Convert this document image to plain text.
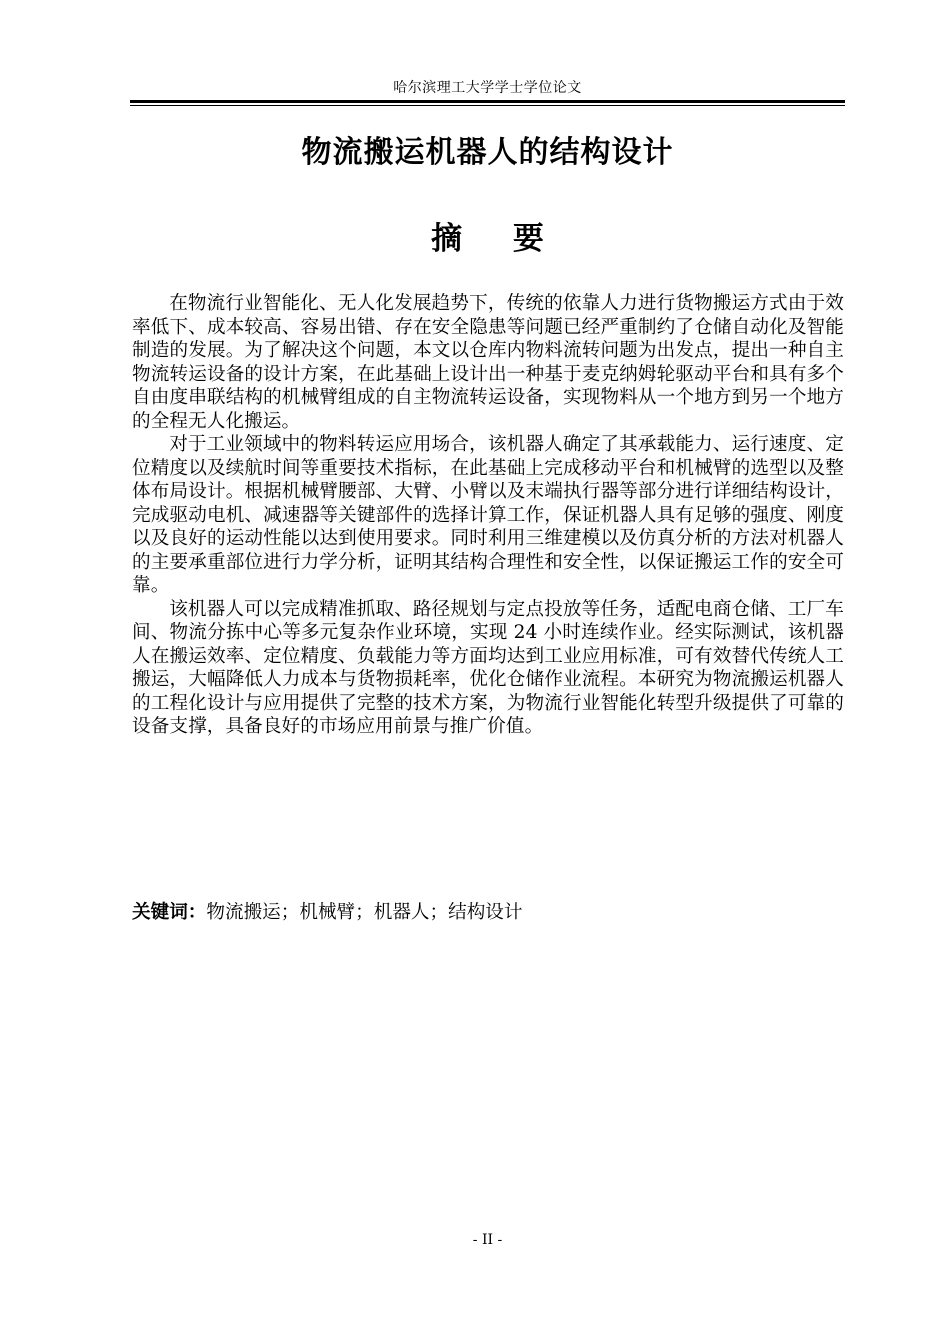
哈尔滨理工大学学士学位论文
物流搬运机器人的结构设计
摘 要

在物流行业智能化、无人化发展趋势下，传统的依靠人力进行货物搬运方式由于效率低下、成本较高、容易出错、存在安全隐患等问题已经严重制约了仓储自动化及智能制造的发展。为了解决这个问题，本文以仓库内物料流转问题为出发点，提出一种自主物流转运设备的设计方案，在此基础上设计出一种基于麦克纳姆轮驱动平台和具有多个自由度串联结构的机械臂组成的自主物流转运设备，实现物料从一个地方到另一个地方的全程无人化搬运。

对于工业领域中的物料转运应用场合，该机器人确定了其承载能力、运行速度、定位精度以及续航时间等重要技术指标，在此基础上完成移动平台和机械臂的选型以及整体布局设计。根据机械臂腰部、大臂、小臂以及末端执行器等部分进行详细结构设计，完成驱动电机、减速器等关键部件的选择计算工作，保证机器人具有足够的强度、刚度以及良好的运动性能以达到使用要求。同时利用三维建模以及仿真分析的方法对机器人的主要承重部位进行力学分析，证明其结构合理性和安全性，以保证搬运工作的安全可靠。

该机器人可以完成精准抓取、路径规划与定点投放等任务，适配电商仓储、工厂车间、物流分拣中心等多元复杂作业环境，实现 24 小时连续作业。经实际测试，该机器人在搬运效率、定位精度、负载能力等方面均达到工业应用标准，可有效替代传统人工搬运，大幅降低人力成本与货物损耗率，优化仓储作业流程。本研究为物流搬运机器人的工程化设计与应用提供了完整的技术方案，为物流行业智能化转型升级提供了可靠的设备支撑，具备良好的市场应用前景与推广价值。

关键词：物流搬运；机械臂；机器人；结构设计
- II -
